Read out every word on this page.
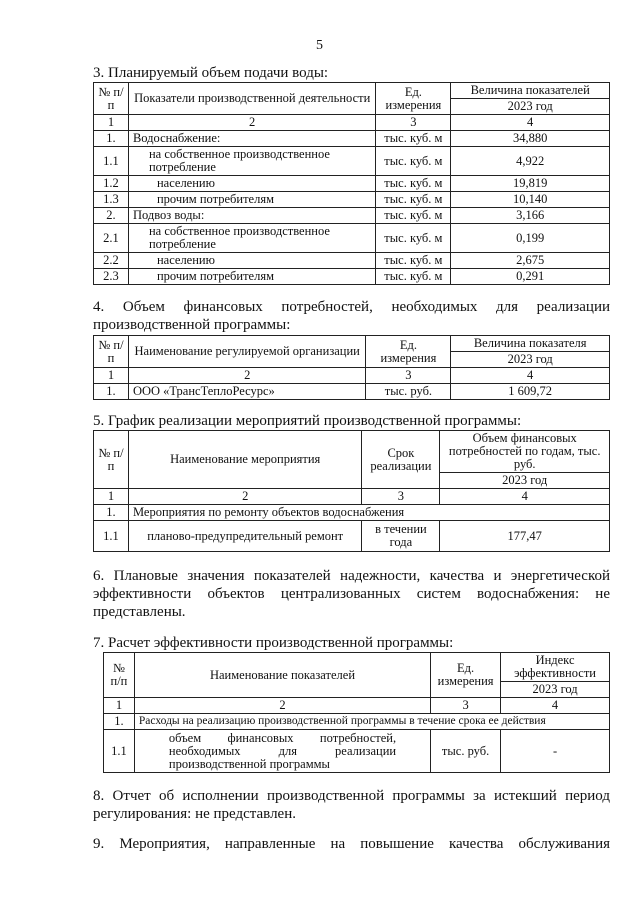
5
3. Планируемый объем подачи воды:
№ п/п	Показатели производственной деятельности	Ед. измерения	Величина показателей
			2023 год
1	2	3	4
1.	Водоснабжение:	тыс. куб. м	34,880
1.1	на собственное производственное потребление	тыс. куб. м	4,922
1.2	населению	тыс. куб. м	19,819
1.3	прочим потребителям	тыс. куб. м	10,140
2.	Подвоз воды:	тыс. куб. м	3,166
2.1	на собственное производственное потребление	тыс. куб. м	0,199
2.2	населению	тыс. куб. м	2,675
2.3	прочим потребителям	тыс. куб. м	0,291
4. Объем финансовых потребностей, необходимых для реализации
производственной программы:
№ п/п	Наименование регулируемой организации	Ед. измерения	Величина показателя
			2023 год
1	2	3	4
1.	ООО «ТрансТеплоРесурс»	тыс. руб.	1 609,72
5. График реализации мероприятий производственной программы:
№ п/п	Наименование мероприятия	Срок реализации	Объем финансовых потребностей по годам, тыс. руб.
			2023 год
1	2	3	4
1.	Мероприятия по ремонту объектов водоснабжения		
1.1	планово-предупредительный ремонт	в течении года	177,47
6. Плановые значения показателей надежности, качества и энергетической
эффективности объектов централизованных систем водоснабжения: не
представлены.
7. Расчет эффективности производственной программы:
№ п/п	Наименование показателей	Ед. измерения	Индекс эффективности
			2023 год
1	2	3	4
1.	Расходы на реализацию производственной программы в течение срока ее действия		
1.1	объем финансовых потребностей, необходимых для реализации производственной программы	тыс. руб.	-
8. Отчет об исполнении производственной программы за истекший период
регулирования: не представлен.
9. Мероприятия, направленные на повышение качества обслуживания
